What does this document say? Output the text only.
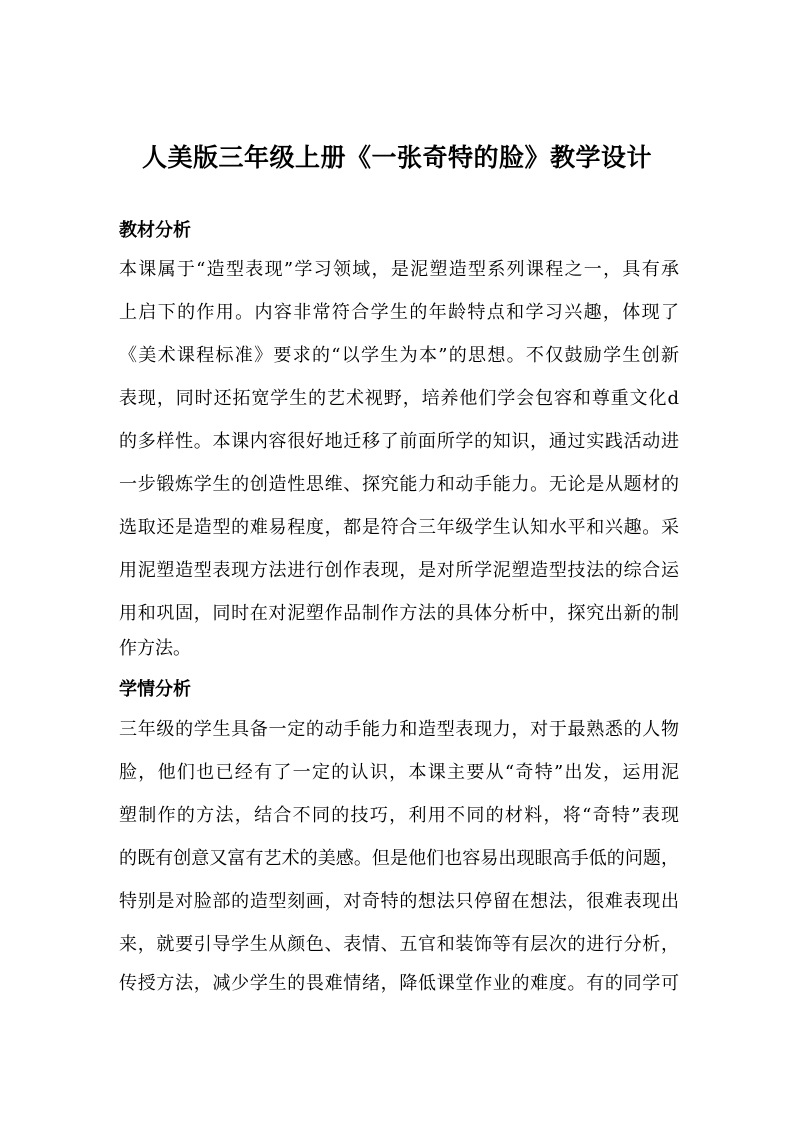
人美版三年级上册《一张奇特的脸》教学设计
教材分析
本课属于“造型表现”学习领域，是泥塑造型系列课程之一，具有承
上启下的作用。内容非常符合学生的年龄特点和学习兴趣，体现了
《美术课程标准》要求的“以学生为本”的思想。不仅鼓励学生创新
表现，同时还拓宽学生的艺术视野，培养他们学会包容和尊重文化d
的多样性。本课内容很好地迁移了前面所学的知识，通过实践活动进
一步锻炼学生的创造性思维、探究能力和动手能力。无论是从题材的
选取还是造型的难易程度，都是符合三年级学生认知水平和兴趣。采
用泥塑造型表现方法进行创作表现，是对所学泥塑造型技法的综合运
用和巩固，同时在对泥塑作品制作方法的具体分析中，探究出新的制
作方法。
学情分析
三年级的学生具备一定的动手能力和造型表现力，对于最熟悉的人物
脸，他们也已经有了一定的认识，本课主要从“奇特”出发，运用泥
塑制作的方法，结合不同的技巧，利用不同的材料，将“奇特”表现
的既有创意又富有艺术的美感。但是他们也容易出现眼高手低的问题，
特别是对脸部的造型刻画，对奇特的想法只停留在想法，很难表现出
来，就要引导学生从颜色、表情、五官和装饰等有层次的进行分析，
传授方法，减少学生的畏难情绪，降低课堂作业的难度。有的同学可
